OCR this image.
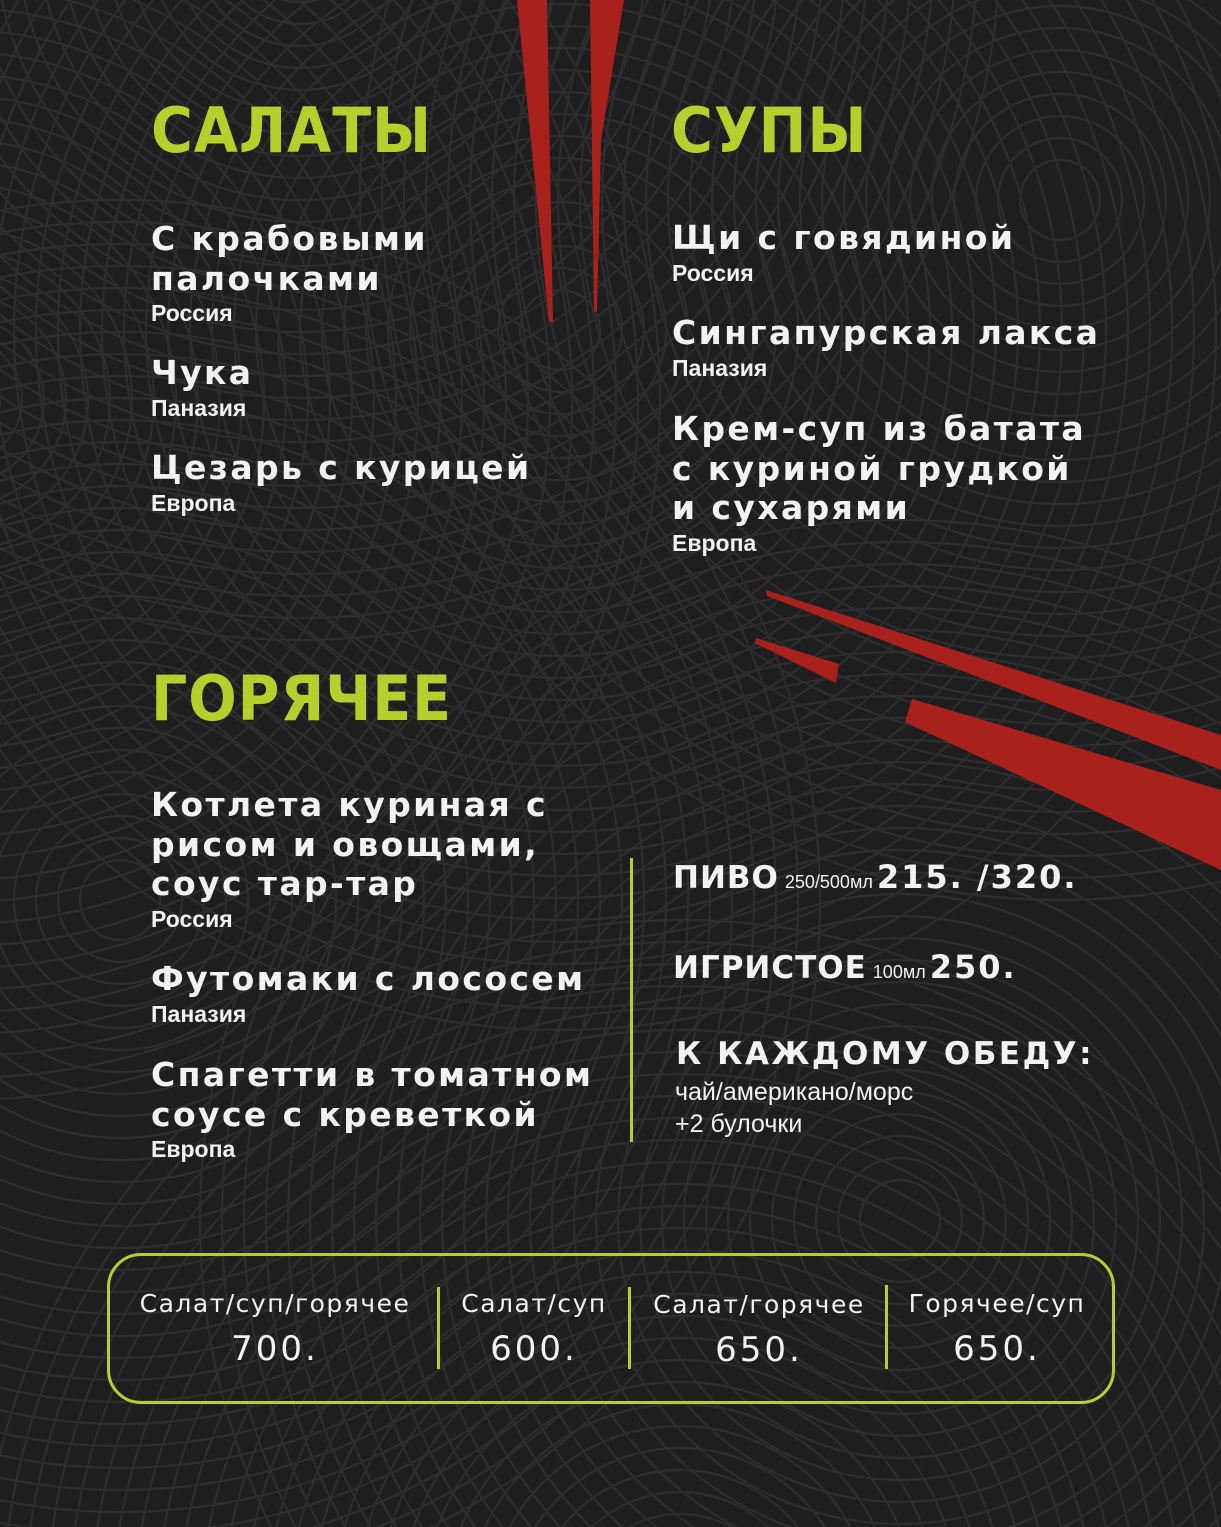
САЛАТЫ
С крабовыми
палочками
Россия
Чука
Паназия
Цезарь с курицей
Европа
СУПЫ
Щи с говядиной
Россия
Сингапурская лакса
Паназия
Крем-суп из батата
с куриной грудкой
и сухарями
Европа
ГОРЯЧЕЕ
Котлета куриная с
рисом и овощами,
соус тар-тар
Россия
Футомаки с лососем
Паназия
Спагетти в томатном
соусе с креветкой
Европа
ПИВО 250/500мл 215. /320.
ИГРИСТОЕ 100мл 250.
К КАЖДОМУ ОБЕДУ:
чай/американо/морс
+2 булочки
Салат/суп/горячее
700.
Салат/суп
600.
Салат/горячее
650.
Горячее/суп
650.
